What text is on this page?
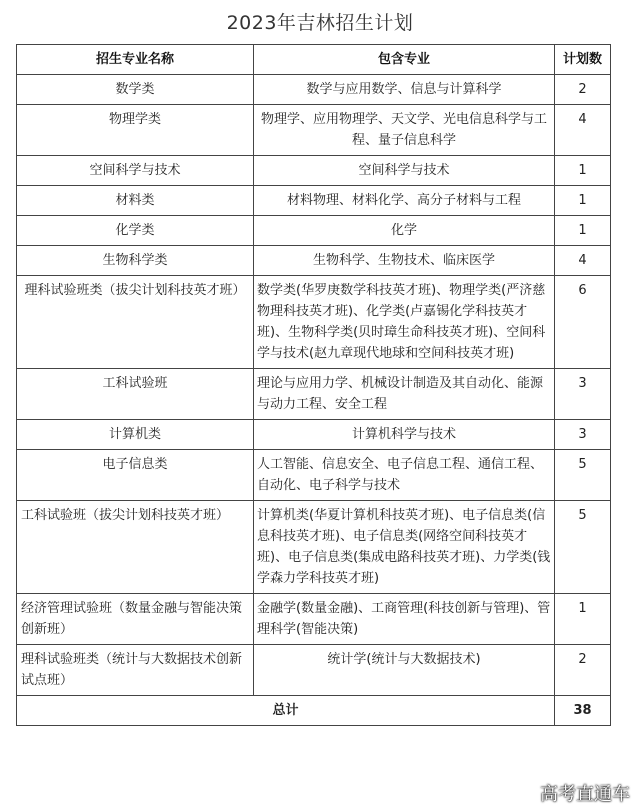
2023年吉林招生计划
招生专业名称	包含专业	计划数
数学类	数学与应用数学、信息与计算科学	2
物理学类	物理学、应用物理学、天文学、光电信息科学与工程、量子信息科学	4
空间科学与技术	空间科学与技术	1
材料类	材料物理、材料化学、高分子材料与工程	1
化学类	化学	1
生物科学类	生物科学、生物技术、临床医学	4
理科试验班类（拔尖计划科技英才班）	数学类(华罗庚数学科技英才班)、物理学类(严济慈物理科技英才班)、化学类(卢嘉锡化学科技英才班)、生物科学类(贝时璋生命科技英才班)、空间科学与技术(赵九章现代地球和空间科技英才班)	6
工科试验班	理论与应用力学、机械设计制造及其自动化、能源与动力工程、安全工程	3
计算机类	计算机科学与技术	3
电子信息类	人工智能、信息安全、电子信息工程、通信工程、自动化、电子科学与技术	5
工科试验班（拔尖计划科技英才班）	计算机类(华夏计算机科技英才班)、电子信息类(信息科技英才班)、电子信息类(网络空间科技英才班)、电子信息类(集成电路科技英才班)、力学类(钱学森力学科技英才班)	5
经济管理试验班（数量金融与智能决策创新班）	金融学(数量金融)、工商管理(科技创新与管理)、管理科学(智能决策)	1
理科试验班类（统计与大数据技术创新试点班）	统计学(统计与大数据技术)	2
总计		38
高考直通车
